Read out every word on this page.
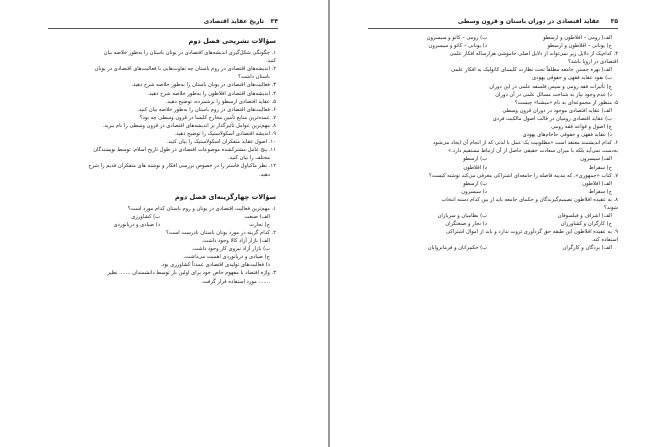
۳۴
تاریخ عقاید اقتصادی
سؤالات تشریحی فصل دوم
۱. چگونگی شکل‌گیری اندیشه‌های اقتصادی در یونان باستان را به‌طور خلاصه بیان
کنید.
۲. اندیشه‌های اقتصادی در روم باستان چه تفاوت‌هایی با فعالیت‌های اقتصادی در یونان
باستان داشت؟
۳. فعالیت‌های اقتصادی در یونان باستان را به‌طور خلاصه شرح دهید.
۴. اندیشه‌های اقتصادی افلاطون را به‌طور خلاصه شرح دهید.
۵. عقاید اقتصادی ارسطو را برشمرده، توضیح دهید.
۶. فعالیت‌های اقتصادی در روم باستان را به‌طور خلاصه بیان کنید.
۷. عمده‌ترین منابع تأمین مخارج کلیسا در قرون وسطی چه بود؟
۸. مهم‌ترین عوامل تأثیرگذار بر اندیشه‌های اقتصادی در قرون وسطی را نام ببرید.
۹. اندیشه اقتصادی اسکولاستیک را توضیح دهید.
۱۰. اصول عقاید متفکران اسکولاستیک را بیان کنید.
۱۱. پنج عامل مشترکشده موضوعات اقتصادی در طول تاریخ اسلام، توسط نویسندگان
مختلف را بیان کنید.
۱۲. نظر ماکیاول فاستر را در خصوص بررسی افکار و نوشته های متفکران قدیم را شرح
دهید.
سؤالات چهارگزینه‌ای فصل دوم
۱. مهم‌ترین فعالیت اقتصادی در یونان و روم باستان کدام مورد است؟
الف) صنعت
ب) کشاورزی
ج) تجارت
د) صیادی و دریانوردی
۲. کدام گزینه در مورد یونان باستان نادرست است؟
الف) بازار آزاد کالا وجود داشت.
ب) بازار آزاد نیروی کار وجود داشت.
ج) صیادی و دریانوردی اهمیت می‌داشت.
د) فعالیت‌های تولیدی اقتصادی عمدتاً کشاورزی بود.
۳. واژه اقتصاد با مفهوم خاص خود برای اولین بار توسط دانشمندان ....... نظیر
....... مورد استفاده قرار گرفت.
۳۵
عقاید اقتصادی در دوران باستان و قرون وسطی
الف) رومی – افلاطون و ارسطو
ب) رومی – کاتو و سیسرون
ج) یونانی – افلاطون و ارسطو
د) یونانی – کاتو و سیسرون
۴. کدام‌یک از دلایل زیر نمی‌تواند از دلایل اصلی خاموشی هزارساله افکار علمی
اقتصادی در اروپا باشد؟
الف) بهره جستن جامعه مطلقاً تحت نظارت کلیسای کاتولیک به افکار علمی
ب) نفوذ عقاید فقهی و حقوقی یهودی
ج) تأثیرات فقه رومی و سپس فلسفه علمی در این دوران
د) عدم وجود نیاز به شناخت مسائل علمی در آن دوران
۵. منظور از مجموعه‌ای به نام «میشنا» چیست؟
الف) عقاید اقتصادی موجود در دوران قرون وسطی
ب) عقاید اقتصادی رومیان در قالب اصول مالکیت فردی
ج) اصول و قواعد فقه رومی
د) عقاید فقهی و حقوقی حاخام‌های یهودی
۶. کدام اندیشمند معتقد است «مطلوبیت یک عمل با لذتی که از انجام آن ایجاد می‌شود
به‌دست نمی‌آید بلکه با میزان سعادت حقیقی حاصل از آن ارتباط مستقیم دارد.»
الف) سیسرون
ب) ارسطو
ج) سقراط
د) افلاطون
۷. کتاب «جمهوری»، که مدینه فاضله را جامعه‌ای اشتراکی معرفی می‌کند نوشته کیست؟
الف) افلاطون
ب) ارسطو
ج) سقراط
د) سیسرون
۸. به عقیده افلاطون تصمیم‌گیرندگان و حکمای جامعه باید از بین کدام دسته انتخاب
شوند؟
الف) اشراف و فیلسوفان
ب) نظامیان و سربازان
ج) کارگران و کشاورزان
د) تجار و صنعتگران
۹. به عقیده افلاطون این طبقه حق گردآوری ثروت ندارد و باید از اموال اشتراکی
استفاده کند.
الف) بردگان و کارگران
ب) حکمرانان و فرمانروایان
